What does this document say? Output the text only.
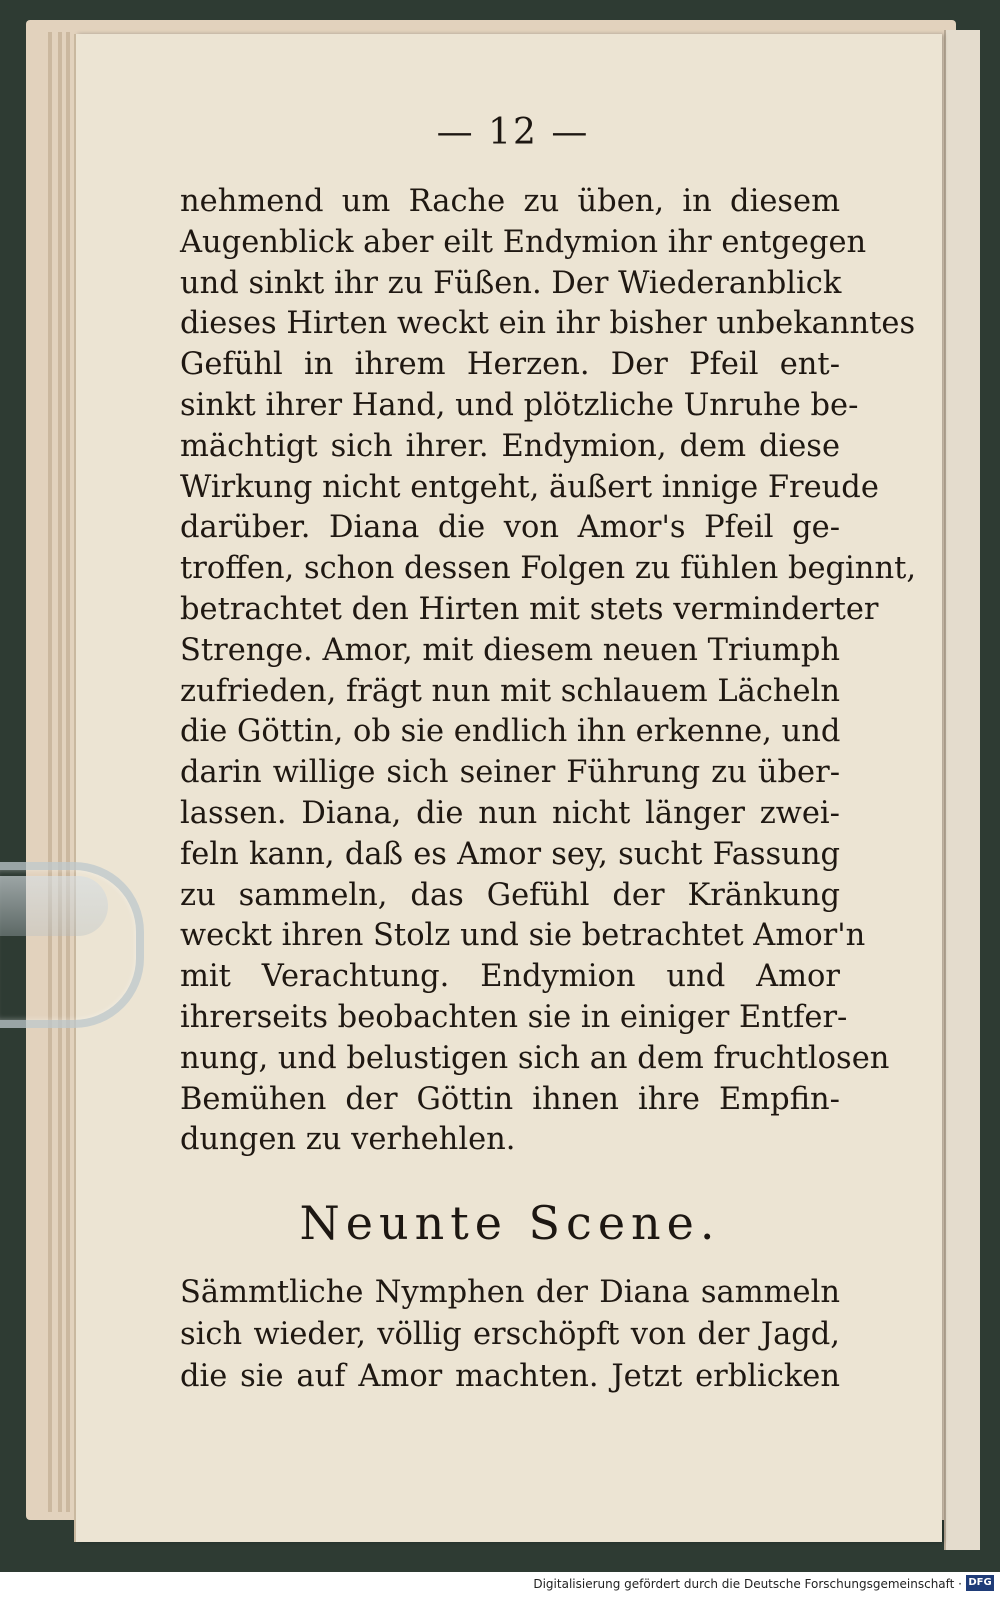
— 12 —
nehmend um Rache zu üben, in diesem
Augenblick aber eilt Endymion ihr entgegen
und sinkt ihr zu Füßen. Der Wiederanblick
dieses Hirten weckt ein ihr bisher unbekanntes
Gefühl in ihrem Herzen. Der Pfeil ent-
sinkt ihrer Hand, und plötzliche Unruhe be-
mächtigt sich ihrer. Endymion, dem diese
Wirkung nicht entgeht, äußert innige Freude
darüber. Diana die von Amor's Pfeil ge-
troffen, schon dessen Folgen zu fühlen beginnt,
betrachtet den Hirten mit stets verminderter
Strenge. Amor, mit diesem neuen Triumph
zufrieden, frägt nun mit schlauem Lächeln
die Göttin, ob sie endlich ihn erkenne, und
darin willige sich seiner Führung zu über-
lassen. Diana, die nun nicht länger zwei-
feln kann, daß es Amor sey, sucht Fassung
zu sammeln, das Gefühl der Kränkung
weckt ihren Stolz und sie betrachtet Amor'n
mit Verachtung. Endymion und Amor
ihrerseits beobachten sie in einiger Entfer-
nung, und belustigen sich an dem fruchtlosen
Bemühen der Göttin ihnen ihre Empfin-
dungen zu verhehlen.
Neunte Scene.
Sämmtliche Nymphen der Diana sammeln
sich wieder, völlig erschöpft von der Jagd,
die sie auf Amor machten. Jetzt erblicken
Digitalisierung gefördert durch die Deutsche Forschungsgemeinschaft · DFG
